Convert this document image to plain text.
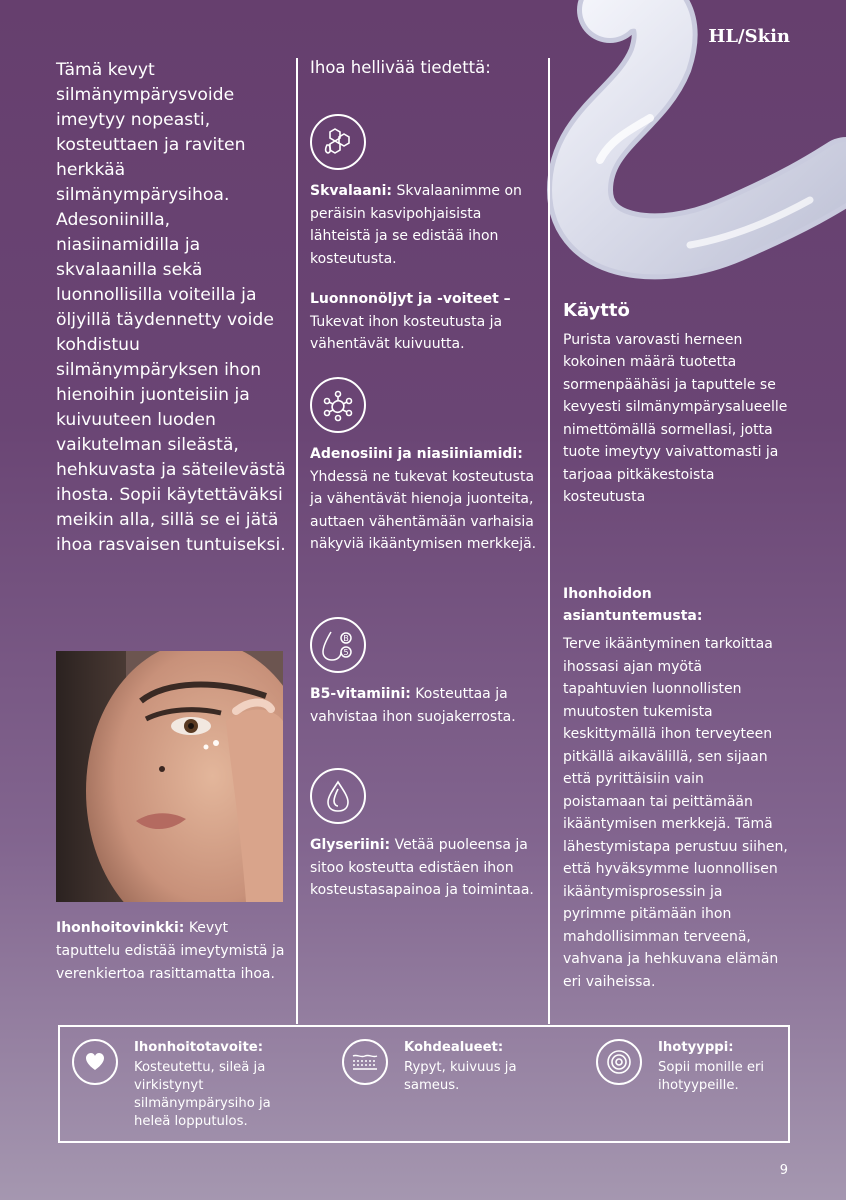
HL/Skin

Tämä kevyt silmänympärysvoide imeytyy nopeasti, kosteuttaen ja raviten herkkää silmänympärysihoa. Adesoniinilla, niasiinamidilla ja skvalaanilla sekä luonnollisilla voiteilla ja öljyillä täydennetty voide kohdistuu silmänympäryksen ihon hienoihin juonteisiin ja kuivuuteen luoden vaikutelman sileästä, hehkuvasta ja säteilevästä ihosta. Sopii käytettäväksi meikin alla, sillä se ei jätä ihoa rasvaisen tuntuiseksi.

Ihoa hellivää tiedettä:
Skvalaani: Skvalaanimme on peräisin kasvipohjaisista lähteistä ja se edistää ihon kosteutusta.
Luonnonöljyt ja -voiteet – Tukevat ihon kosteutusta ja vähentävät kuivuutta.
Adenosiini ja niasiiniamidi: Yhdessä ne tukevat kosteutusta ja vähentävät hienoja juonteita, auttaen vähentämään varhaisia näkyviä ikääntymisen merkkejä.
B
5
B5-vitamiini: Kosteuttaa ja vahvistaa ihon suojakerrosta.
Glyseriini: Vetää puoleensa ja sitoo kosteutta edistäen ihon kosteustasapainoa ja toimintaa.
Ihonhoitovinkki: Kevyt taputtelu edistää imeytymistä ja verenkiertoa rasittamatta ihoa.
Käyttö

Purista varovasti herneen kokoinen määrä tuotetta sormenpäähäsi ja taputtele se kevyesti silmänympärysalueelle nimettömällä sormellasi, jotta tuote imeytyy vaivattomasti ja tarjoaa pitkäkestoista kosteutusta

Ihonhoidon asiantuntemusta:

Terve ikääntyminen tarkoittaa ihossasi ajan myötä tapahtuvien luonnollisten muutosten tukemista keskittymällä ihon terveyteen pitkällä aikavälillä, sen sijaan että pyrittäisiin vain poistamaan tai peittämään ikääntymisen merkkejä. Tämä lähestymistapa perustuu siihen, että hyväksymme luonnollisen ikääntymisprosessin ja pyrimme pitämään ihon mahdollisimman terveenä, vahvana ja hehkuvana elämän eri vaiheissa.

Ihonhoitotavoite:
Kosteutettu, sileä ja virkistynyt silmänympärysiho ja heleä lopputulos.
Kohdealueet:
Rypyt, kuivuus ja sameus.
Ihotyyppi:
Sopii monille eri ihotyypeille.
9
